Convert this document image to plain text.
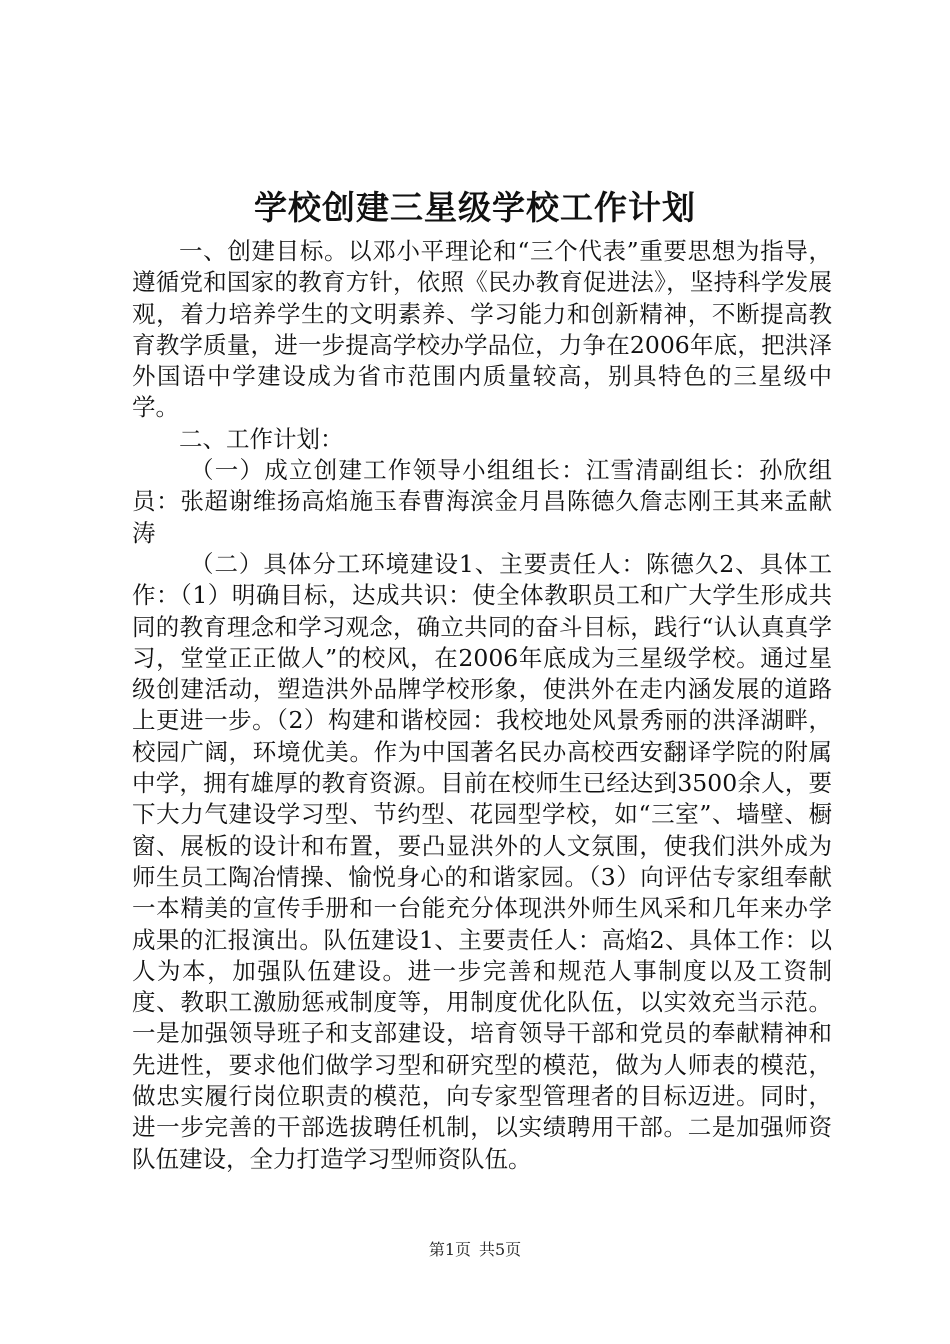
学校创建三星级学校工作计划

一、创建目标。以邓小平理论和“三个代表”重要思想为指导，遵循党和国家的教育方针，依照《民办教育促进法》，坚持科学发展观，着力培养学生的文明素养、学习能力和创新精神，不断提高教育教学质量，进一步提高学校办学品位，力争在2006年底，把洪泽外国语中学建设成为省市范围内质量较高，别具特色的三星级中学。

二、工作计划：

（一）成立创建工作领导小组组长：江雪清副组长：孙欣组员：张超谢维扬高焰施玉春曹海滨金月昌陈德久詹志刚王其来孟献涛

（二）具体分工环境建设1、主要责任人：陈德久2、具体工作：（1）明确目标，达成共识：使全体教职员工和广大学生形成共同的教育理念和学习观念，确立共同的奋斗目标，践行“认认真真学习，堂堂正正做人”的校风，在2006年底成为三星级学校。通过星级创建活动，塑造洪外品牌学校形象，使洪外在走内涵发展的道路上更进一步。（2）构建和谐校园：我校地处风景秀丽的洪泽湖畔，校园广阔，环境优美。作为中国著名民办高校西安翻译学院的附属中学，拥有雄厚的教育资源。目前在校师生已经达到3500余人，要下大力气建设学习型、节约型、花园型学校，如“三室”、墙壁、橱窗、展板的设计和布置，要凸显洪外的人文氛围，使我们洪外成为师生员工陶冶情操、愉悦身心的和谐家园。（3）向评估专家组奉献一本精美的宣传手册和一台能充分体现洪外师生风采和几年来办学成果的汇报演出。队伍建设1、主要责任人：高焰2、具体工作：以人为本，加强队伍建设。进一步完善和规范人事制度以及工资制度、教职工激励惩戒制度等，用制度优化队伍，以实效充当示范。一是加强领导班子和支部建设，培育领导干部和党员的奉献精神和先进性，要求他们做学习型和研究型的模范，做为人师表的模范，做忠实履行岗位职责的模范，向专家型管理者的目标迈进。同时，进一步完善的干部选拔聘任机制，以实绩聘用干部。二是加强师资队伍建设，全力打造学习型师资队伍。

第1页 共5页
